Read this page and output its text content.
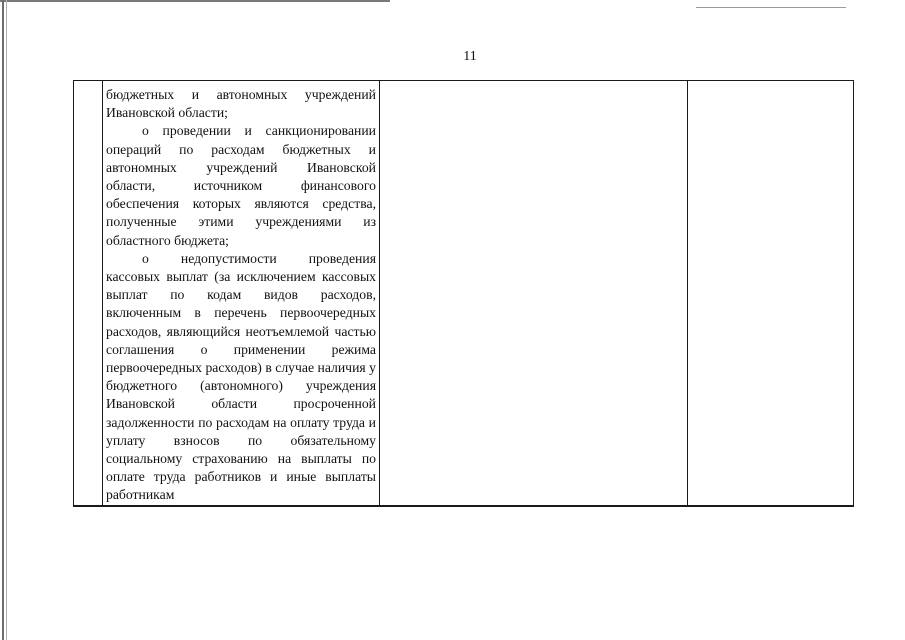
11

бюджетных и автономных учреждений Ивановской области;

о проведении и санкционировании операций по расходам бюджетных и автономных учреждений Ивановской области, источником финансового обеспечения которых являются средства, полученные этими учреждениями из областного бюджета;

о недопустимости проведения кассовых выплат (за исключением кассовых выплат по кодам видов расходов, включенным в перечень первоочередных расходов, являющийся неотъемлемой частью соглашения о применении режима первоочередных расходов) в случае наличия у бюджетного (автономного) учреждения Ивановской области просроченной задолженности по расходам на оплату труда и уплату взносов по обязательному социальному страхованию на выплаты по оплате труда работников и иные выплаты работникам
